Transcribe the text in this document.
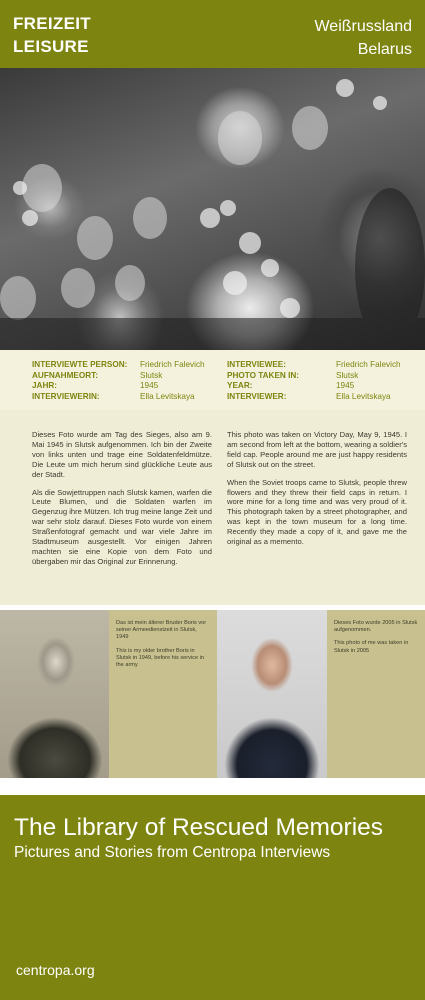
FREIZEIT
LEISURE
Weißrussland
Belarus
INTERVIEWTE PERSON:
AUFNAHMEORT:
JAHR:
INTERVIEWERIN:
Friedrich Falevich
Slutsk
1945
Ella Levitskaya
INTERVIEWEE:
PHOTO TAKEN IN:
YEAR:
INTERVIEWER:
Friedrich Falevich
Slutsk
1945
Ella Levitskaya

Dieses Foto wurde am Tag des Sieges, also am 9. Mai 1945 in Slutsk aufgenommen. Ich bin der Zweite von links unten und trage eine Soldatenfeldmütze. Die Leute um mich herum sind glückliche Leute aus der Stadt.

Als die Sowjettruppen nach Slutsk kamen, warfen die Leute Blumen, und die Soldaten warfen im Gegenzug ihre Mützen. Ich trug meine lange Zeit und war sehr stolz darauf. Dieses Foto wurde von einem Straßenfotograf gemacht und war viele Jahre im Stadtmuseum ausgestellt. Vor einigen Jahren machten sie eine Kopie von dem Foto und übergaben mir das Original zur Erinnerung.

This photo was taken on Victory Day, May 9, 1945. I am second from left at the bottom, wearing a soldier's field cap. People around me are just happy residents of Slutsk out on the street.

When the Soviet troops came to Slutsk, people threw flowers and they threw their field caps in return. I wore mine for a long time and was very proud of it. This photograph taken by a street photographer, and was kept in the town museum for a long time. Recently they made a copy of it, and gave me the original as a memento.

Das ist mein älterer Bruder Boris vor seiner Armeedienstzeit in Slutsk, 1949
This is my older brother Boris in Slutsk in 1949, before his service in the army
Dieses Foto wurde 2005 in Slutsk aufgenommen.
This photo of me was taken in Slutsk in 2005
The Library of Rescued Memories
Pictures and Stories from Centropa Interviews
centropa.org
